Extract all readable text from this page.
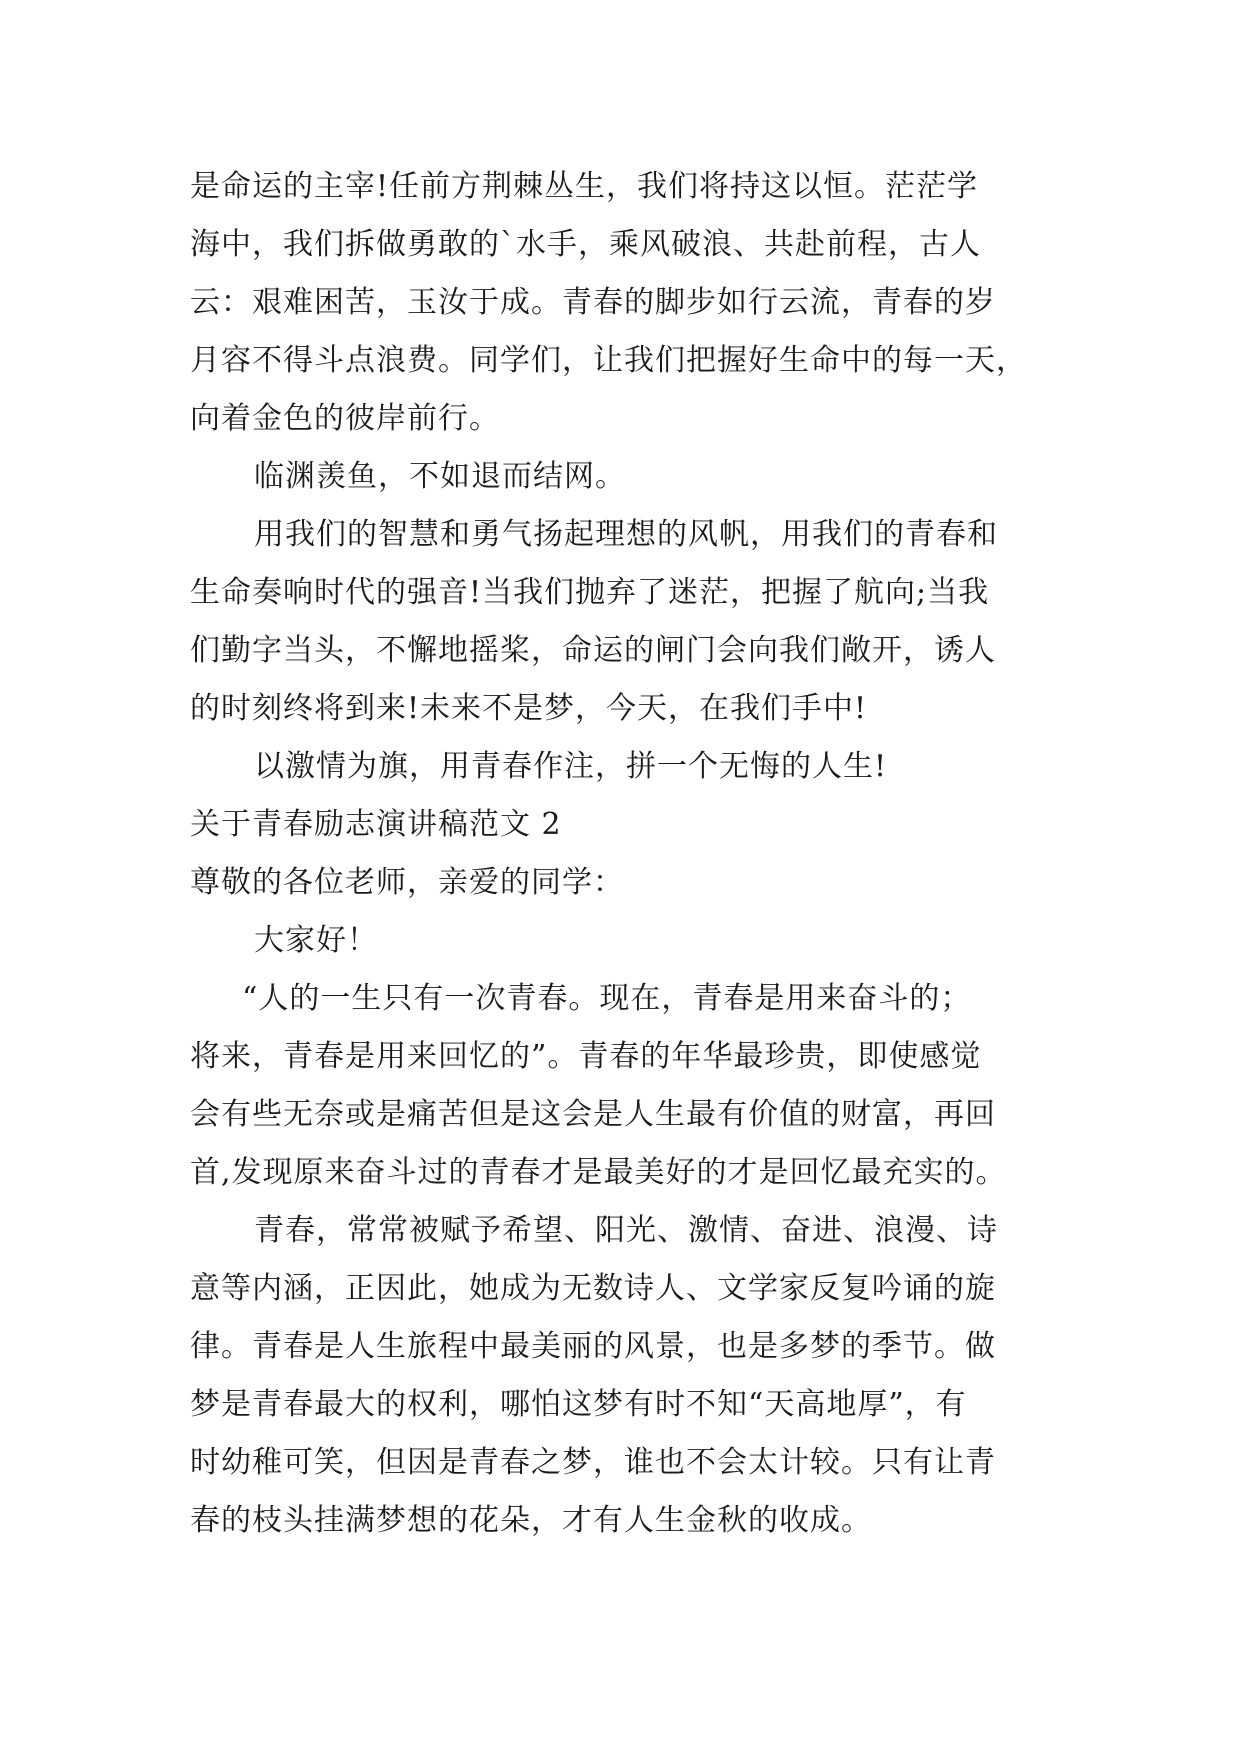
是命运的主宰!任前方荆棘丛生，我们将持这以恒。茫茫学
海中，我们拆做勇敢的`水手，乘风破浪、共赴前程，古人
云：艰难困苦，玉汝于成。青春的脚步如行云流，青春的岁
月容不得斗点浪费。同学们，让我们把握好生命中的每一天，
向着金色的彼岸前行。
临渊羡鱼，不如退而结网。
用我们的智慧和勇气扬起理想的风帆，用我们的青春和
生命奏响时代的强音!当我们抛弃了迷茫，把握了航向;当我
们勤字当头，不懈地摇桨，命运的闸门会向我们敞开，诱人
的时刻终将到来!未来不是梦，今天，在我们手中!
以激情为旗，用青春作注，拼一个无悔的人生!
关于青春励志演讲稿范文 2
尊敬的各位老师，亲爱的同学：
大家好！
“人的一生只有一次青春。现在，青春是用来奋斗的；
将来，青春是用来回忆的”。青春的年华最珍贵，即使感觉
会有些无奈或是痛苦但是这会是人生最有价值的财富，再回
首,发现原来奋斗过的青春才是最美好的才是回忆最充实的。
青春，常常被赋予希望、阳光、激情、奋进、浪漫、诗
意等内涵，正因此，她成为无数诗人、文学家反复吟诵的旋
律。青春是人生旅程中最美丽的风景，也是多梦的季节。做
梦是青春最大的权利，哪怕这梦有时不知“天高地厚”，有
时幼稚可笑，但因是青春之梦，谁也不会太计较。只有让青
春的枝头挂满梦想的花朵，才有人生金秋的收成。
